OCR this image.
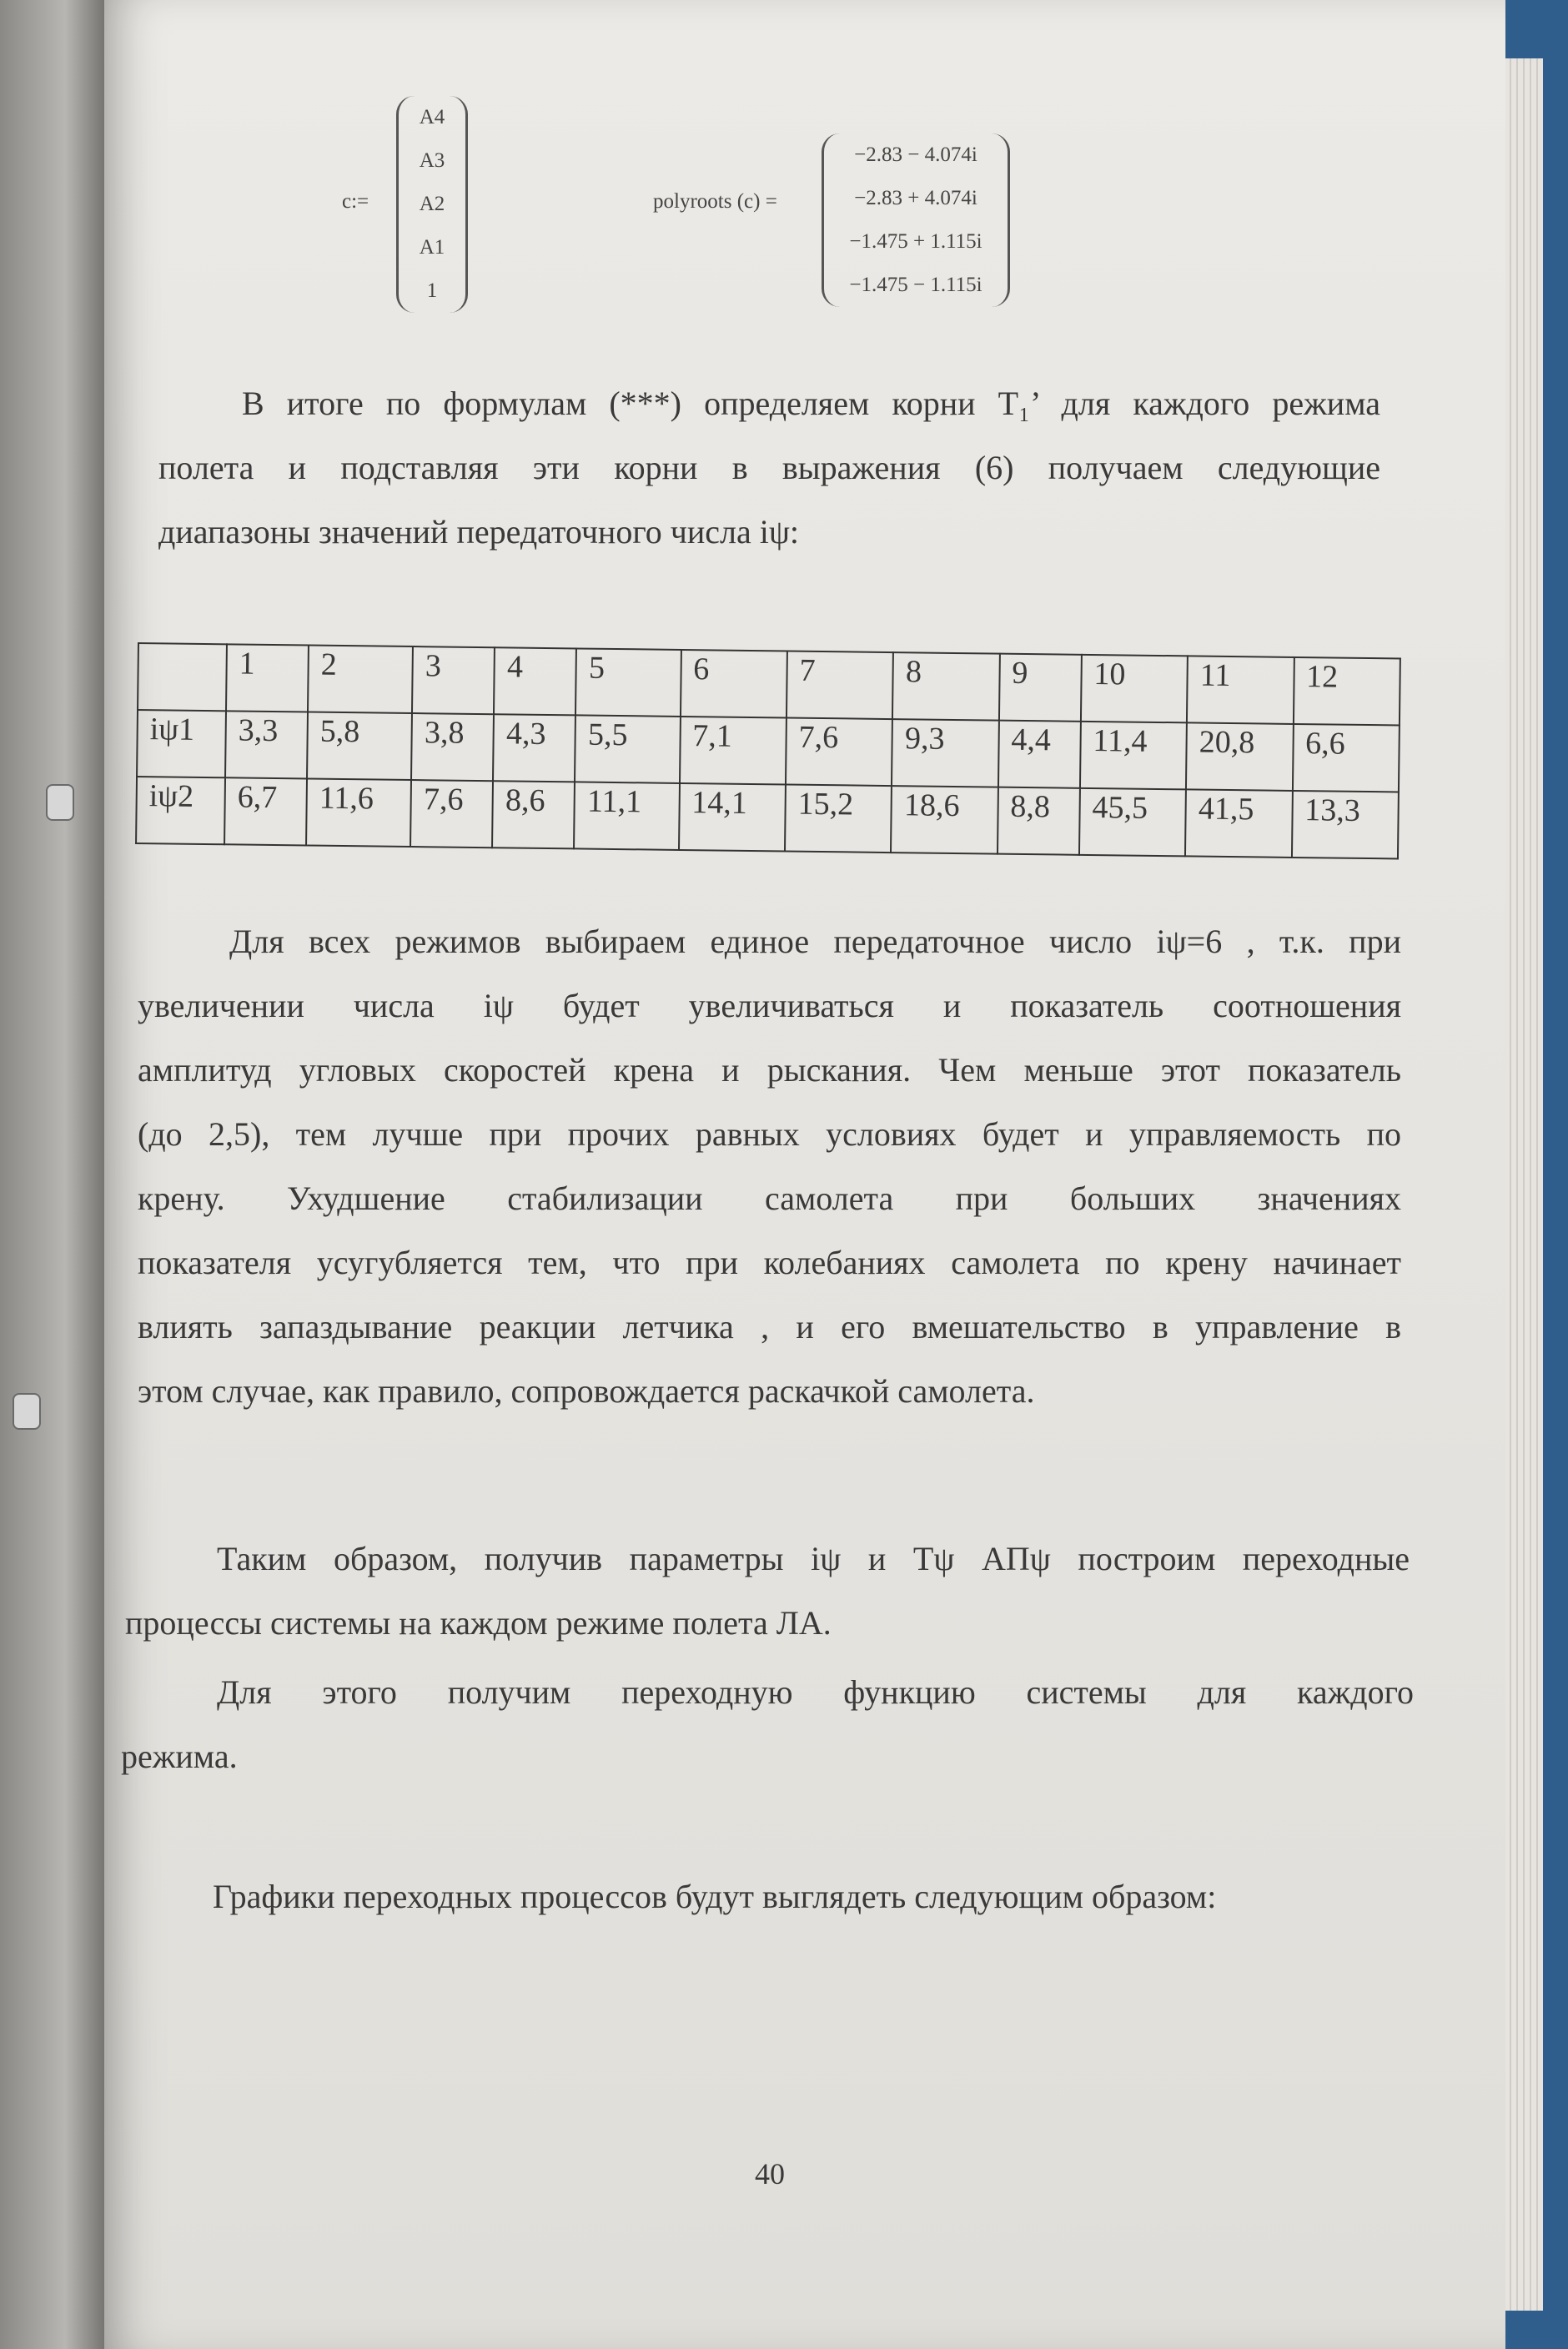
c:=
A4
A3
A2
A1
1
polyroots (c) =
−2.83 − 4.074i
−2.83 + 4.074i
−1.475 + 1.115i
−1.475 − 1.115i
В итоге по формулам (***) определяем корни T₁’ для каждого режима
полета и подставляя эти корни в выражения (6) получаем следующие
диапазоны значений передаточного числа iψ:
	1	2	3	4	5	6	7	8	9	10	11	12
iψ1	3,3	5,8	3,8	4,3	5,5	7,1	7,6	9,3	4,4	11,4	20,8	6,6
iψ2	6,7	11,6	7,6	8,6	11,1	14,1	15,2	18,6	8,8	45,5	41,5	13,3
Для всех режимов выбираем единое передаточное число iψ=6 , т.к. при
увеличении числа iψ будет увеличиваться и показатель соотношения
амплитуд угловых скоростей крена и рыскания. Чем меньше этот показатель
(до 2,5), тем лучше при прочих равных условиях будет и управляемость по
крену. Ухудшение стабилизации самолета при больших значениях
показателя усугубляется тем, что при колебаниях самолета по крену начинает
влиять запаздывание реакции летчика , и его вмешательство в управление в
этом случае, как правило, сопровождается раскачкой самолета.
Таким образом, получив параметры iψ и Tψ АПψ построим переходные
процессы системы на каждом режиме полета ЛА.
Для этого получим переходную функцию системы для каждого
режима.
Графики переходных процессов будут выглядеть следующим образом:
40
